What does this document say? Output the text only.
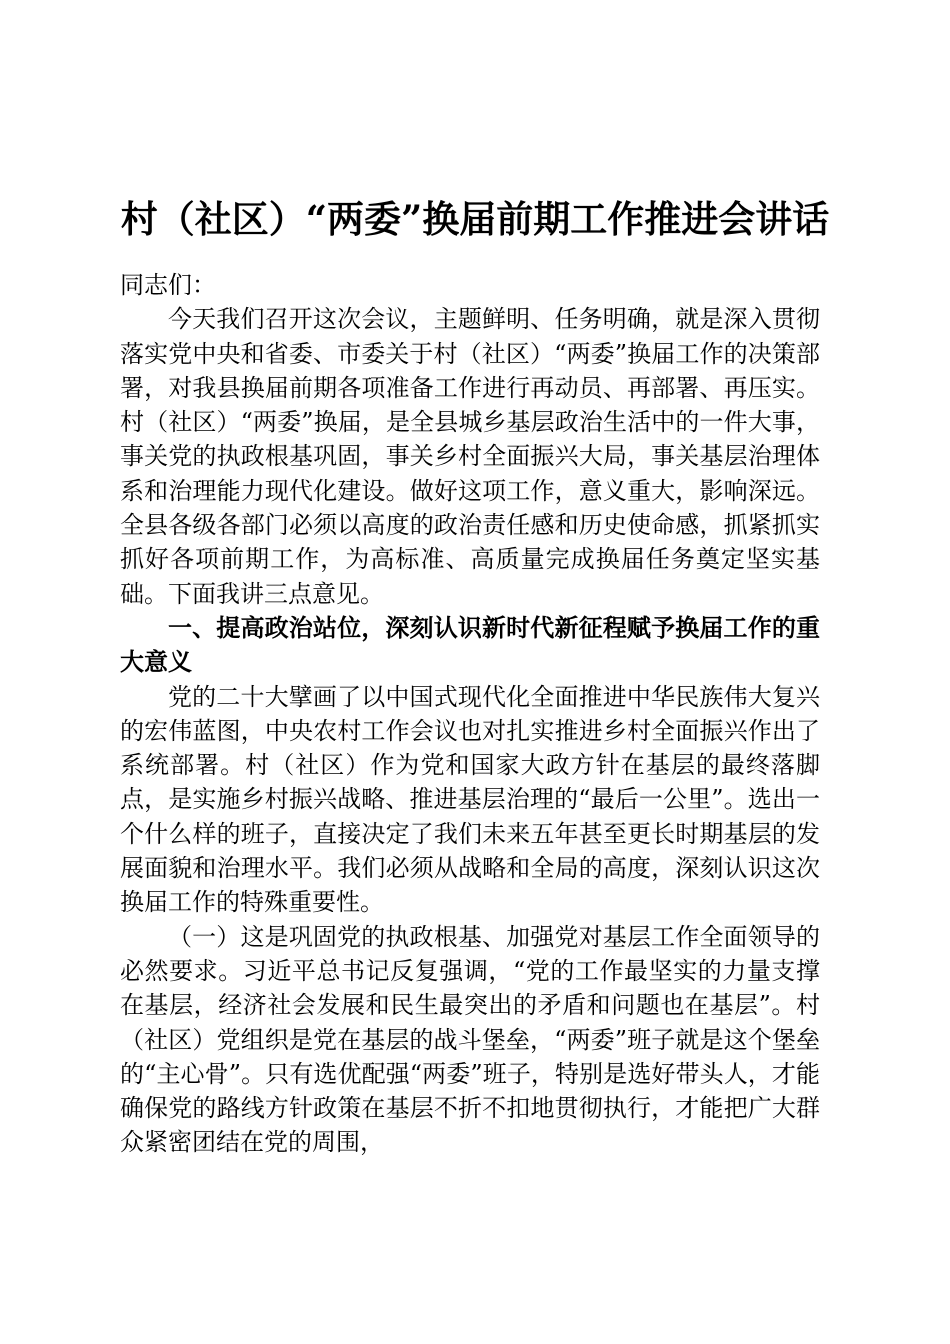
村（社区）“两委”换届前期工作推进会讲话

同志们：

今天我们召开这次会议，主题鲜明、任务明确，就是深入贯彻落实党中央和省委、市委关于村（社区）“两委”换届工作的决策部署，对我县换届前期各项准备工作进行再动员、再部署、再压实。村（社区）“两委”换届，是全县城乡基层政治生活中的一件大事，事关党的执政根基巩固，事关乡村全面振兴大局，事关基层治理体系和治理能力现代化建设。做好这项工作，意义重大，影响深远。全县各级各部门必须以高度的政治责任感和历史使命感，抓紧抓实抓好各项前期工作，为高标准、高质量完成换届任务奠定坚实基础。下面我讲三点意见。

一、提高政治站位，深刻认识新时代新征程赋予换届工作的重大意义

党的二十大擘画了以中国式现代化全面推进中华民族伟大复兴的宏伟蓝图，中央农村工作会议也对扎实推进乡村全面振兴作出了系统部署。村（社区）作为党和国家大政方针在基层的最终落脚点，是实施乡村振兴战略、推进基层治理的“最后一公里”。选出一个什么样的班子，直接决定了我们未来五年甚至更长时期基层的发展面貌和治理水平。我们必须从战略和全局的高度，深刻认识这次换届工作的特殊重要性。

（一）这是巩固党的执政根基、加强党对基层工作全面领导的必然要求。习近平总书记反复强调，“党的工作最坚实的力量支撑在基层，经济社会发展和民生最突出的矛盾和问题也在基层”。村（社区）党组织是党在基层的战斗堡垒，“两委”班子就是这个堡垒的“主心骨”。只有选优配强“两委”班子，特别是选好带头人，才能确保党的路线方针政策在基层不折不扣地贯彻执行，才能把广大群众紧密团结在党的周围，
